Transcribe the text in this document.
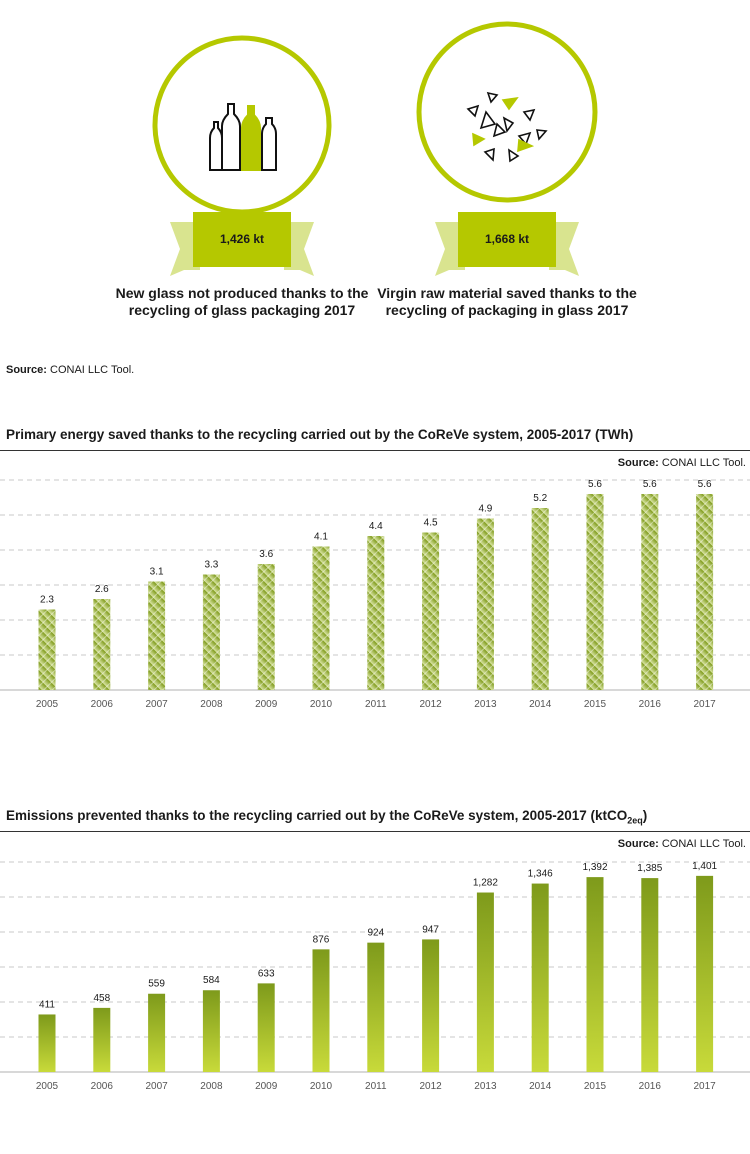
1,426 kt	1,668 kt
New glass not produced thanks to the recycling of glass packaging 2017
Virgin raw material saved thanks to the recycling of packaging in glass 2017
Source: CONAI LLC Tool.
Primary energy saved thanks to the recycling carried out by the CoReVe system, 2005-2017 (TWh)
Source: CONAI LLC Tool.
2.3
2005
2.6
2006
3.1
2007
3.3
2008
3.6
2009
4.1
2010
4.4
2011
4.5
2012
4.9
2013
5.2
2014
5.6
2015
5.6
2016
5.6
2017
Emissions prevented thanks to the recycling carried out by the CoReVe system, 2005-2017 (ktCO$_{2eq}$)
Source: CONAI LLC Tool.
411
2005
458
2006
559
2007
584
2008
633
2009
876
2010
924
2011
947
2012
1,282
2013
1,346
2014
1,392
2015
1,385
2016
1,401
2017
